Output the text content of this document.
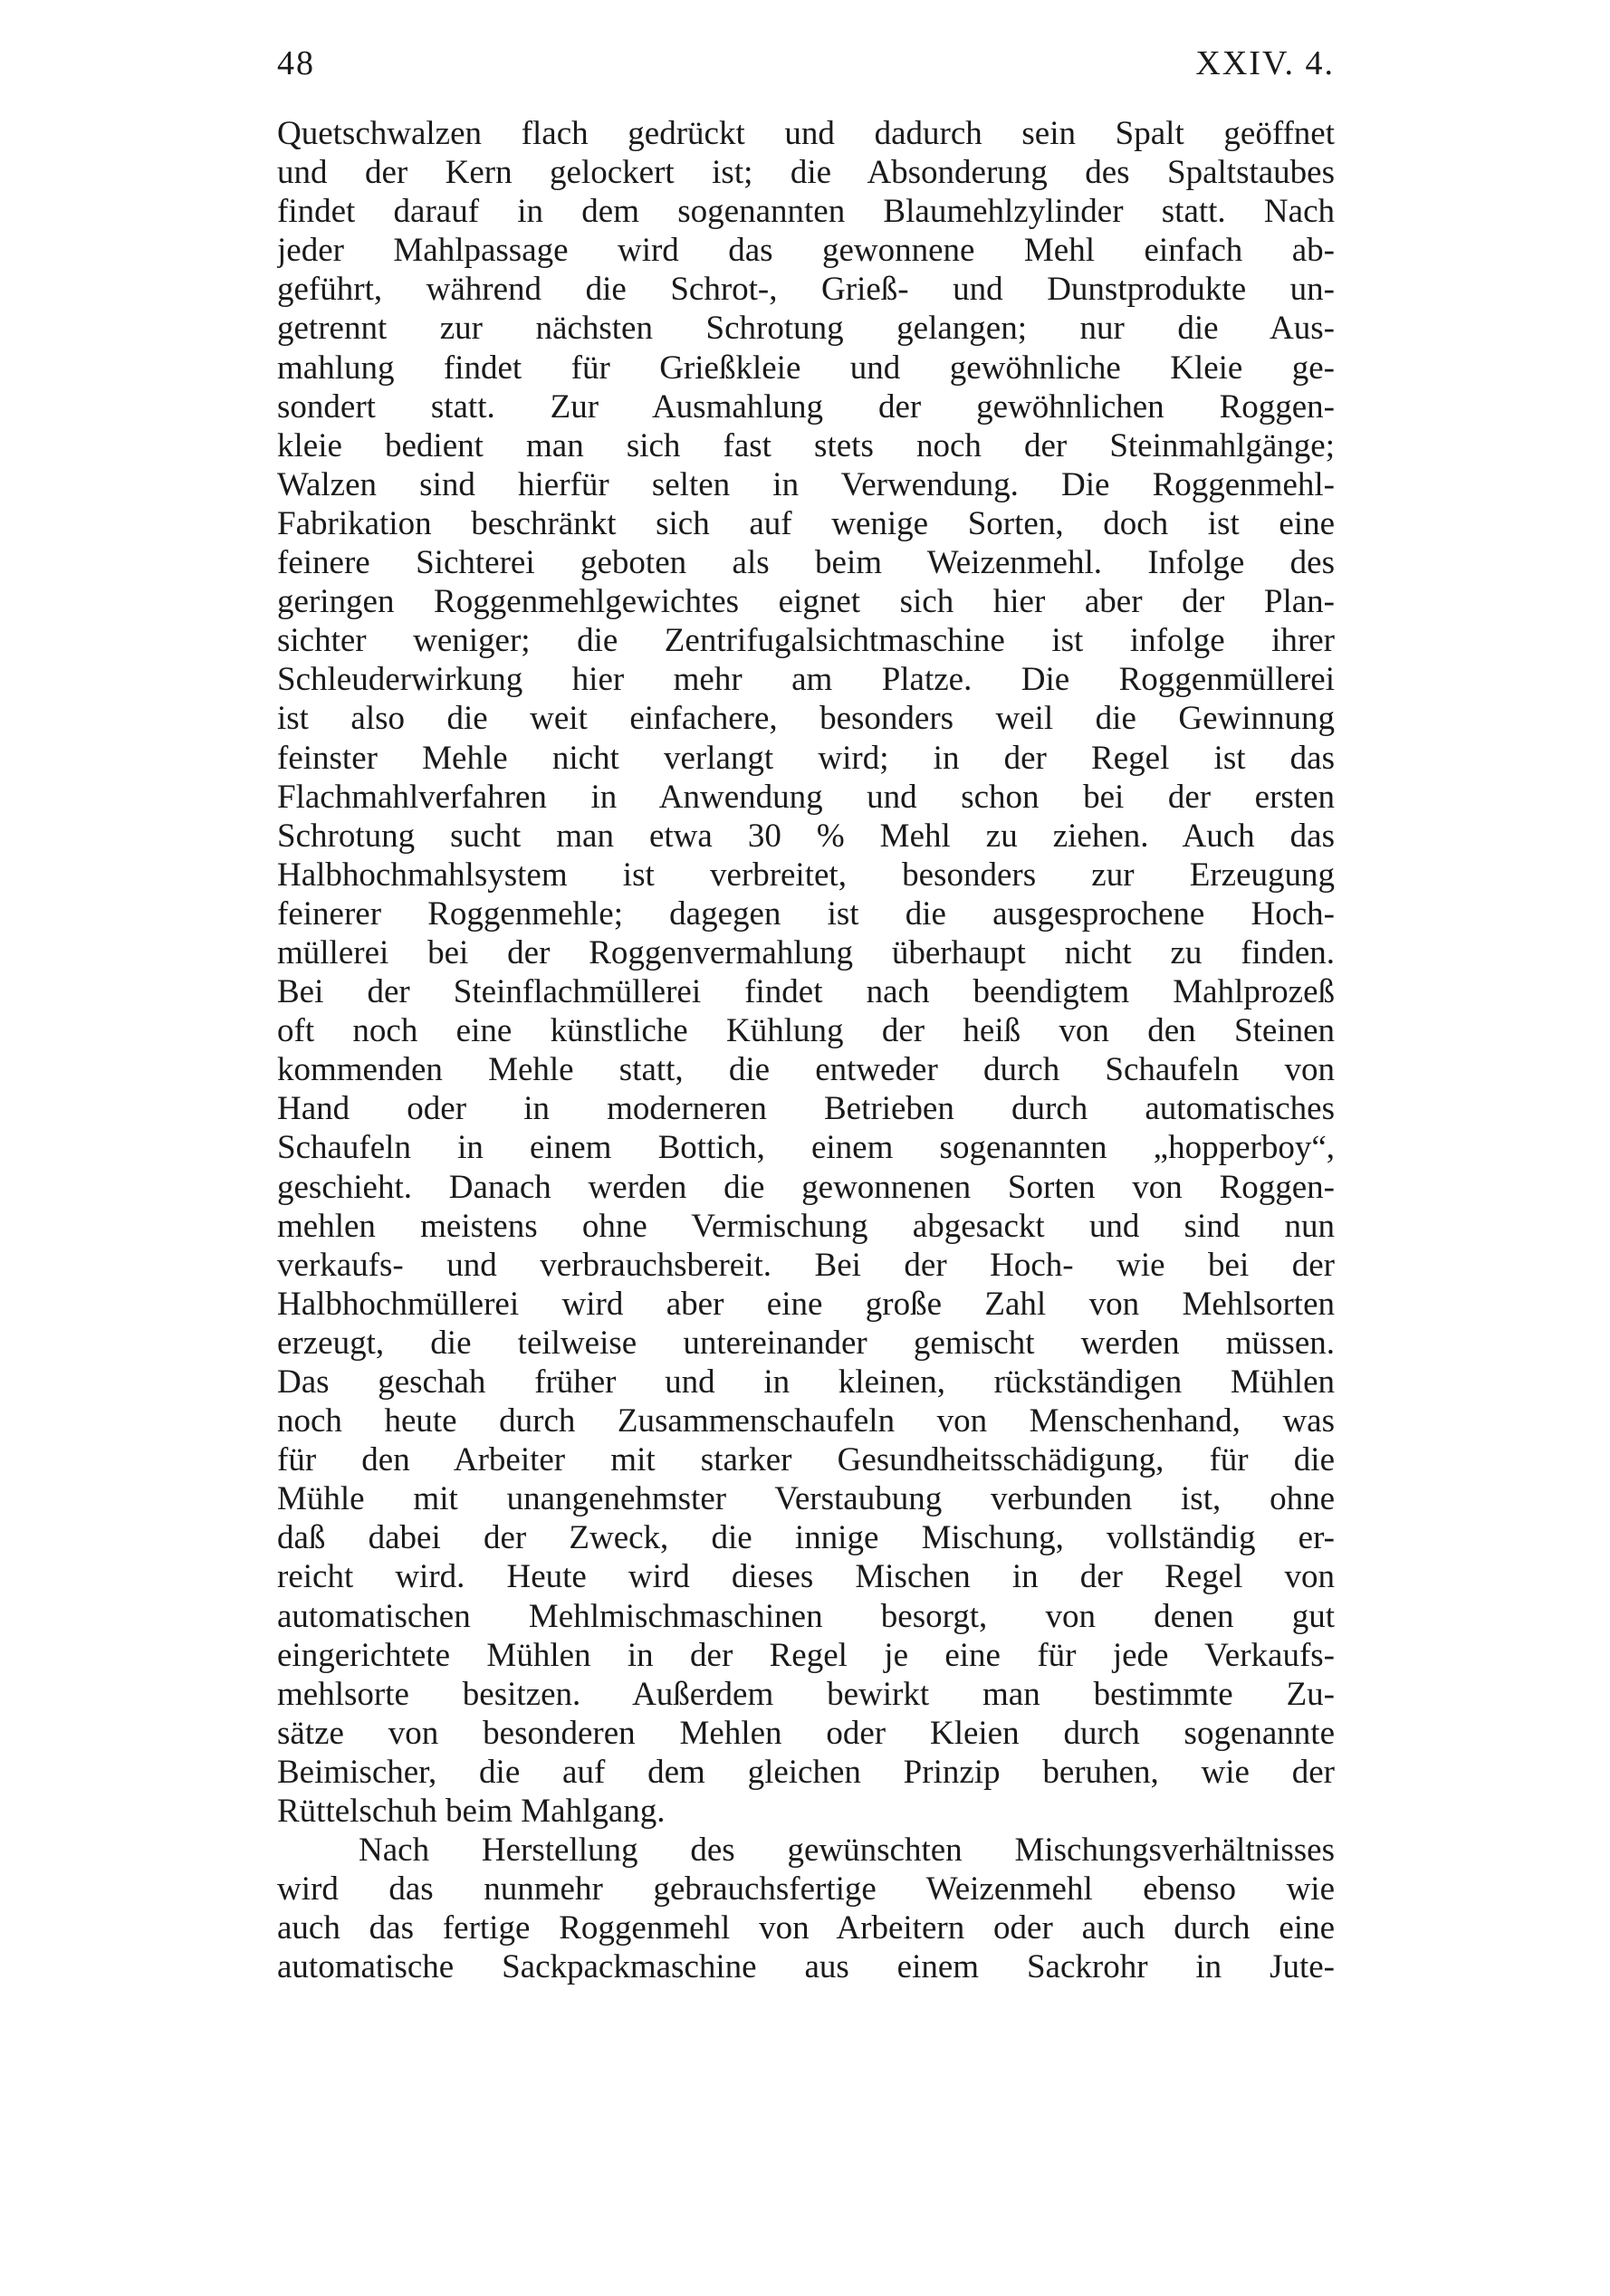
48	XXIV. 4.

Quetschwalzen flach gedrückt und dadurch sein Spalt geöffnet
und der Kern gelockert ist; die Absonderung des Spaltstaubes
findet darauf in dem sogenannten Blaumehlzylinder statt. Nach
jeder Mahlpassage wird das gewonnene Mehl einfach ab-
geführt, während die Schrot-, Grieß- und Dunstprodukte un-
getrennt zur nächsten Schrotung gelangen; nur die Aus-
mahlung findet für Grießkleie und gewöhnliche Kleie ge-
sondert statt. Zur Ausmahlung der gewöhnlichen Roggen-
kleie bedient man sich fast stets noch der Steinmahlgänge;
Walzen sind hierfür selten in Verwendung. Die Roggenmehl-
Fabrikation beschränkt sich auf wenige Sorten, doch ist eine
feinere Sichterei geboten als beim Weizenmehl. Infolge des
geringen Roggenmehlgewichtes eignet sich hier aber der Plan-
sichter weniger; die Zentrifugalsichtmaschine ist infolge ihrer
Schleuderwirkung hier mehr am Platze. Die Roggenmüllerei
ist also die weit einfachere, besonders weil die Gewinnung
feinster Mehle nicht verlangt wird; in der Regel ist das
Flachmahlverfahren in Anwendung und schon bei der ersten
Schrotung sucht man etwa 30 % Mehl zu ziehen. Auch das
Halbhochmahlsystem ist verbreitet, besonders zur Erzeugung
feinerer Roggenmehle; dagegen ist die ausgesprochene Hoch-
müllerei bei der Roggenvermahlung überhaupt nicht zu finden.
Bei der Steinflachmüllerei findet nach beendigtem Mahlprozeß
oft noch eine künstliche Kühlung der heiß von den Steinen
kommenden Mehle statt, die entweder durch Schaufeln von
Hand oder in moderneren Betrieben durch automatisches
Schaufeln in einem Bottich, einem sogenannten „hopperboy“,
geschieht. Danach werden die gewonnenen Sorten von Roggen-
mehlen meistens ohne Vermischung abgesackt und sind nun
verkaufs- und verbrauchsbereit. Bei der Hoch- wie bei der
Halbhochmüllerei wird aber eine große Zahl von Mehlsorten
erzeugt, die teilweise untereinander gemischt werden müssen.
Das geschah früher und in kleinen, rückständigen Mühlen
noch heute durch Zusammenschaufeln von Menschenhand, was
für den Arbeiter mit starker Gesundheitsschädigung, für die
Mühle mit unangenehmster Verstaubung verbunden ist, ohne
daß dabei der Zweck, die innige Mischung, vollständig er-
reicht wird. Heute wird dieses Mischen in der Regel von
automatischen Mehlmischmaschinen besorgt, von denen gut
eingerichtete Mühlen in der Regel je eine für jede Verkaufs-
mehlsorte besitzen. Außerdem bewirkt man bestimmte Zu-
sätze von besonderen Mehlen oder Kleien durch sogenannte
Beimischer, die auf dem gleichen Prinzip beruhen, wie der
Rüttelschuh beim Mahlgang.

Nach Herstellung des gewünschten Mischungsverhältnisses
wird das nunmehr gebrauchsfertige Weizenmehl ebenso wie
auch das fertige Roggenmehl von Arbeitern oder auch durch eine
automatische Sackpackmaschine aus einem Sackrohr in Jute-
